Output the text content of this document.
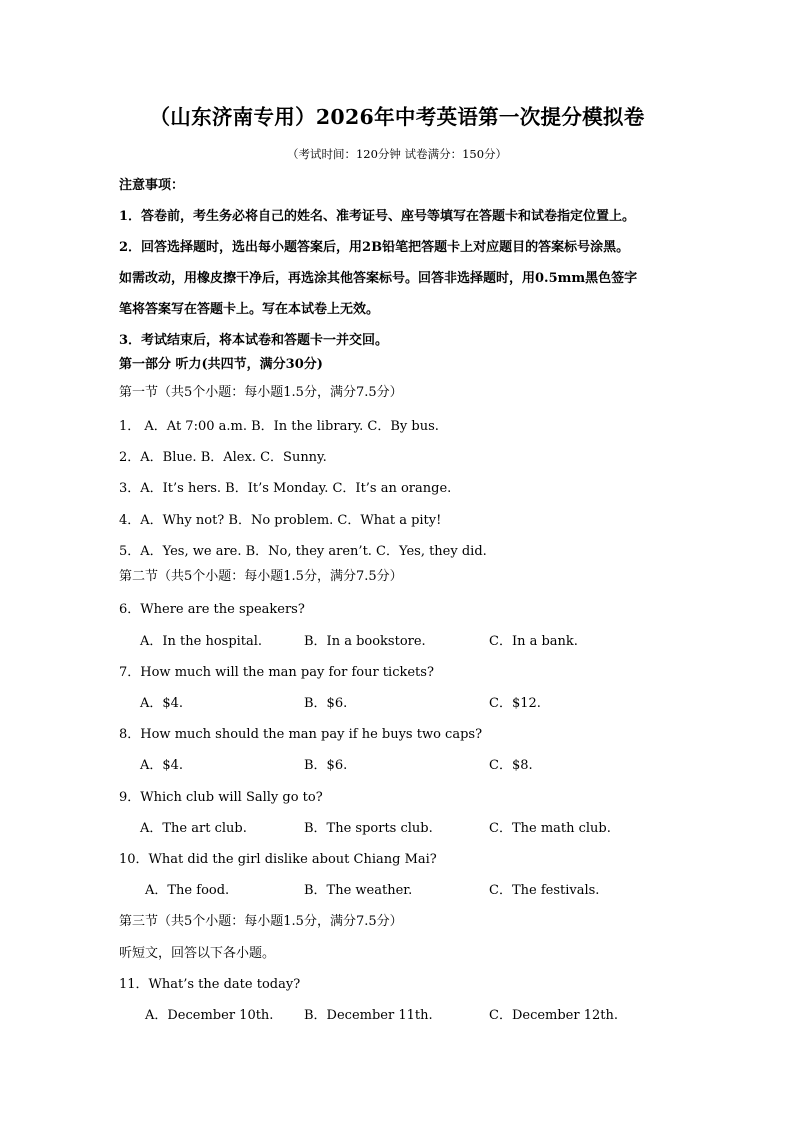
（山东济南专用）2026年中考英语第一次提分模拟卷
（考试时间：120分钟 试卷满分：150分）
注意事项：
1．答卷前，考生务必将自己的姓名、准考证号、座号等填写在答题卡和试卷指定位置上。
2．回答选择题时，选出每小题答案后，用2B铅笔把答题卡上对应题目的答案标号涂黑。
如需改动，用橡皮擦干净后，再选涂其他答案标号。回答非选择题时，用0.5mm黑色签字
笔将答案写在答题卡上。写在本试卷上无效。
3．考试结束后，将本试卷和答题卡一并交回。
第一部分 听力(共四节，满分30分)
第一节（共5个小题：每小题1.5分，满分7.5分）
1． A．At 7:00 a.m. B．In the library. C．By bus.
2．A．Blue. B．Alex. C．Sunny.
3．A．It’s hers. B．It’s Monday. C．It’s an orange.
4．A．Why not? B．No problem. C．What a pity!
5．A．Yes, we are. B．No, they aren’t. C．Yes, they did.
第二节（共5个小题：每小题1.5分，满分7.5分）
6．Where are the speakers?
A．In the hospital.	B．In a bookstore.	C．In a bank.
7．How much will the man pay for four tickets?
A．$4.	B．$6.	C．$12.
8．How much should the man pay if he buys two caps?
A．$4.	B．$6.	C．$8.
9．Which club will Sally go to?
A．The art club.	B．The sports club.	C．The math club.
10．What did the girl dislike about Chiang Mai?
A．The food.	B．The weather.	C．The festivals.
第三节（共5个小题：每小题1.5分，满分7.5分）
听短文，回答以下各小题。
11．What’s the date today?
A．December 10th. B．December 11th.	C．December 12th.
